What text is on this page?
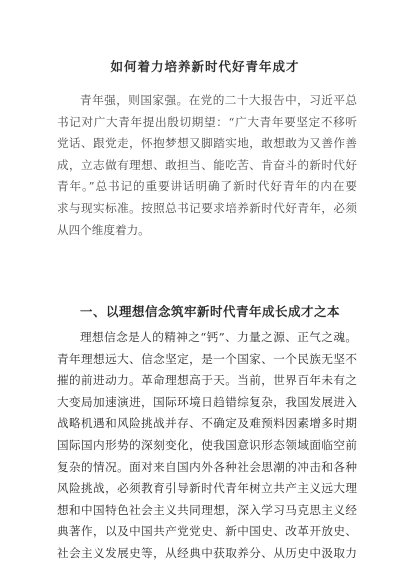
如何着力培养新时代好青年成才
青年强，则国家强。在党的二十大报告中，习近平总
书记对广大青年提出殷切期望：“广大青年要坚定不移听
党话、跟党走，怀抱梦想又脚踏实地，敢想敢为又善作善
成，立志做有理想、敢担当、能吃苦、肯奋斗的新时代好
青年。”总书记的重要讲话明确了新时代好青年的内在要
求与现实标准。按照总书记要求培养新时代好青年，必须
从四个维度着力。
一、以理想信念筑牢新时代青年成长成才之本
理想信念是人的精神之“钙”、力量之源、正气之魂。
青年理想远大、信念坚定，是一个国家、一个民族无坚不
摧的前进动力。革命理想高于天。当前，世界百年未有之
大变局加速演进，国际环境日趋错综复杂，我国发展进入
战略机遇和风险挑战并存、不确定及难预料因素增多时期
国际国内形势的深刻变化，使我国意识形态领域面临空前
复杂的情况。面对来自国内外各种社会思潮的冲击和各种
风险挑战，必须教育引导新时代青年树立共产主义远大理
想和中国特色社会主义共同理想，深入学习马克思主义经
典著作，以及中国共产党党史、新中国史、改革开放史、
社会主义发展史等，从经典中获取养分、从历史中汲取力
